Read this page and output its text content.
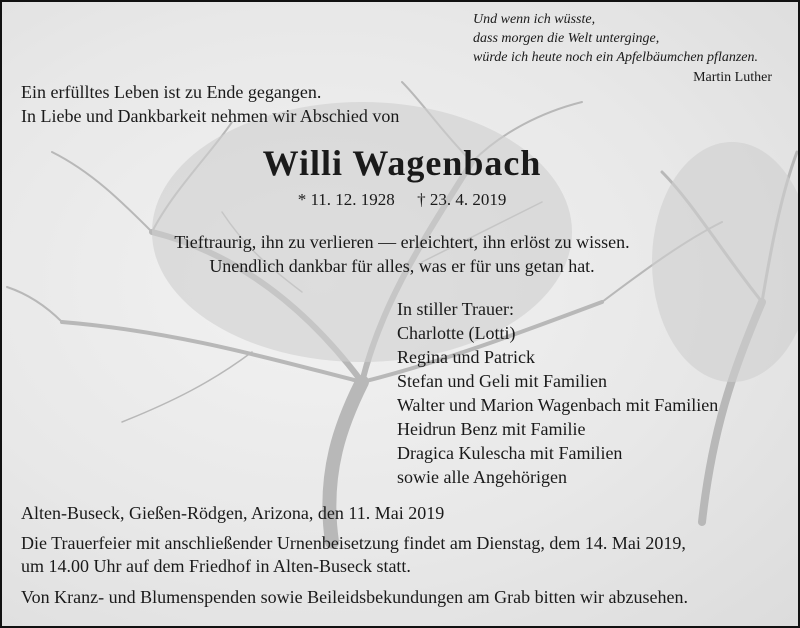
Und wenn ich wüsste,
dass morgen die Welt unterginge,
würde ich heute noch ein Apfelbäumchen pflanzen.
Martin Luther
Ein erfülltes Leben ist zu Ende gegangen.
In Liebe und Dankbarkeit nehmen wir Abschied von
Willi Wagenbach
* 11. 12. 1928 † 23. 4. 2019
Tieftraurig, ihn zu verlieren — erleichtert, ihn erlöst zu wissen.
Unendlich dankbar für alles, was er für uns getan hat.
In stiller Trauer:
Charlotte (Lotti)
Regina und Patrick
Stefan und Geli mit Familien
Walter und Marion Wagenbach mit Familien
Heidrun Benz mit Familie
Dragica Kulescha mit Familien
sowie alle Angehörigen

Alten-Buseck, Gießen-Rödgen, Arizona, den 11. Mai 2019

Die Trauerfeier mit anschließender Urnenbeisetzung findet am Dienstag, dem 14. Mai 2019,

um 14.00 Uhr auf dem Friedhof in Alten-Buseck statt.

Von Kranz- und Blumenspenden sowie Beileidsbekundungen am Grab bitten wir abzusehen.
